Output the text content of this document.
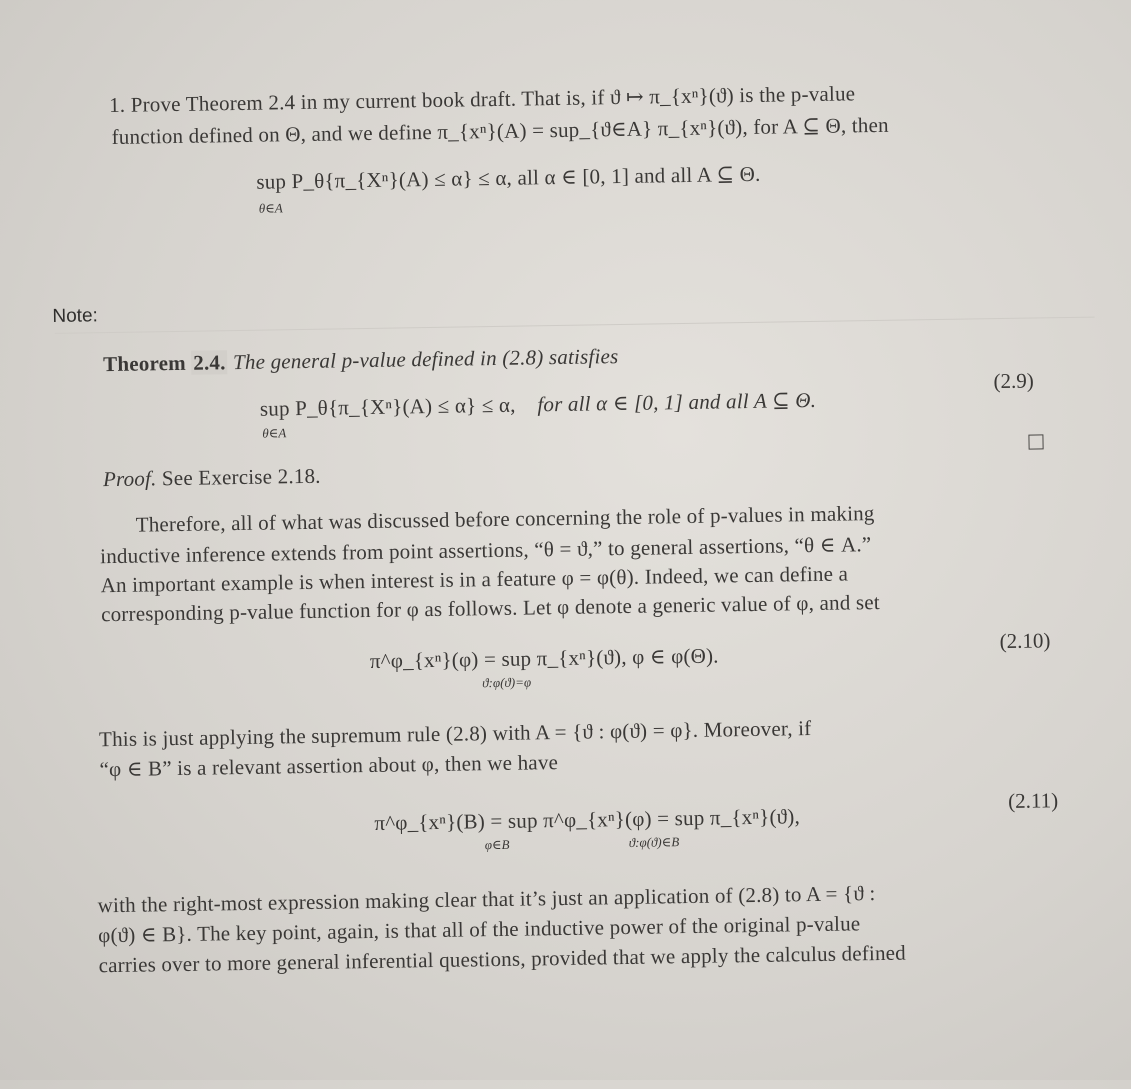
1. Prove Theorem 2.4 in my current book draft. That is, if ϑ ↦ π_{xⁿ}(ϑ) is the p-value
function defined on Θ, and we define π_{xⁿ}(A) = sup_{ϑ∈A} π_{xⁿ}(ϑ), for A ⊆ Θ, then
sup P_θ{π_{Xⁿ}(A) ≤ α} ≤ α, all α ∈ [0, 1] and all A ⊆ Θ.
θ∈A
Note:
Theorem 2.4. The general p-value defined in (2.8) satisfies
sup P_θ{π_{Xⁿ}(A) ≤ α} ≤ α, for all α ∈ [0, 1] and all A ⊆ Θ.
θ∈A
(2.9)
Proof. See Exercise 2.18.
Therefore, all of what was discussed before concerning the role of p-values in making
inductive inference extends from point assertions, “θ = ϑ,” to general assertions, “θ ∈ A.”
An important example is when interest is in a feature φ = φ(θ). Indeed, we can define a
corresponding p-value function for φ as follows. Let φ denote a generic value of φ, and set
π^φ_{xⁿ}(φ) = sup π_{xⁿ}(ϑ), φ ∈ φ(Θ).
ϑ:φ(ϑ)=φ
(2.10)
This is just applying the supremum rule (2.8) with A = {ϑ : φ(ϑ) = φ}. Moreover, if
“φ ∈ B” is a relevant assertion about φ, then we have
π^φ_{xⁿ}(B) = sup π^φ_{xⁿ}(φ) = sup π_{xⁿ}(ϑ),
φ∈B	ϑ:φ(ϑ)∈B
(2.11)
with the right-most expression making clear that it’s just an application of (2.8) to A = {ϑ :
φ(ϑ) ∈ B}. The key point, again, is that all of the inductive power of the original p-value
carries over to more general inferential questions, provided that we apply the calculus defined
